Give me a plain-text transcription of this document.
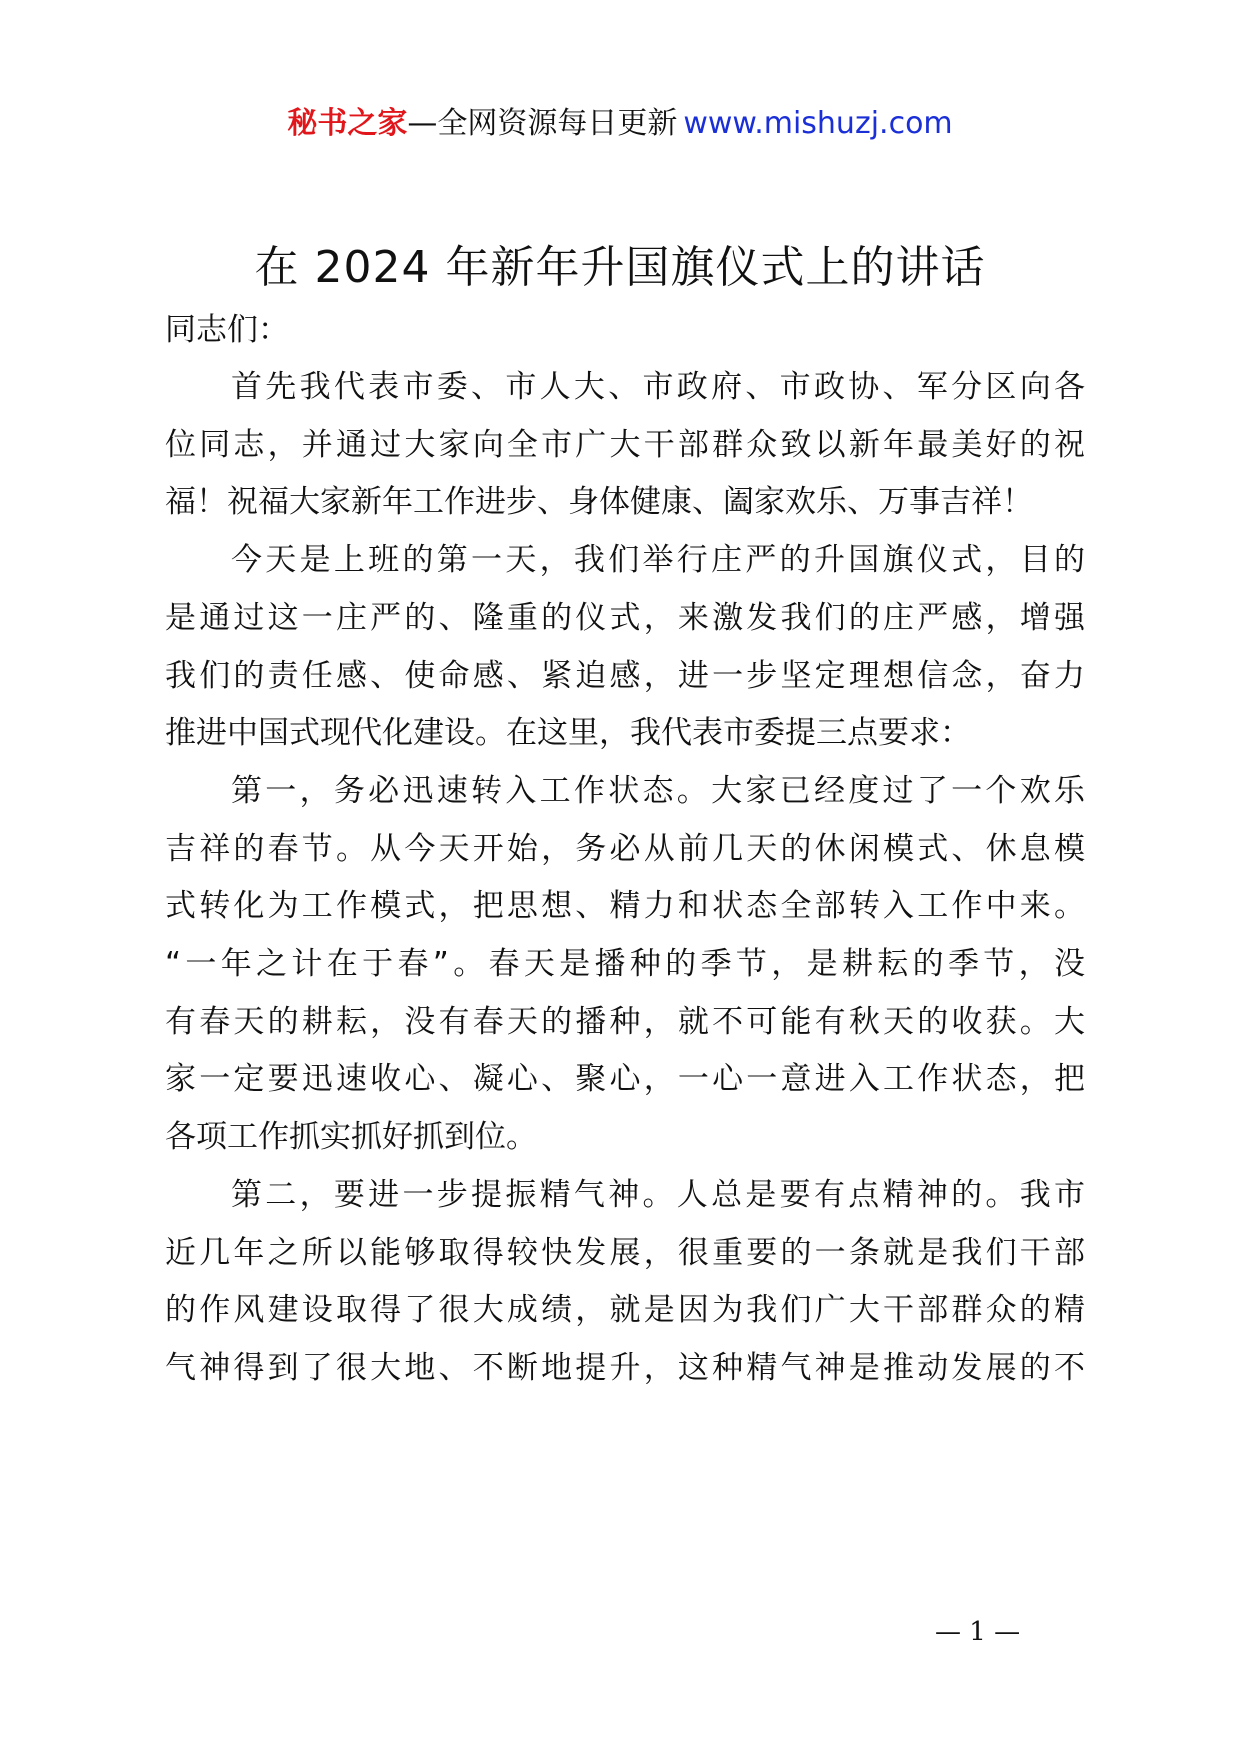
秘书之家—全网资源每日更新 www.mishuzj.com
在 2024 年新年升国旗仪式上的讲话
同志们：
首先我代表市委、市人大、市政府、市政协、军分区向各
位同志，并通过大家向全市广大干部群众致以新年最美好的祝
福！祝福大家新年工作进步、身体健康、阖家欢乐、万事吉祥！
今天是上班的第一天，我们举行庄严的升国旗仪式，目的
是通过这一庄严的、隆重的仪式，来激发我们的庄严感，增强
我们的责任感、使命感、紧迫感，进一步坚定理想信念，奋力
推进中国式现代化建设。在这里，我代表市委提三点要求：
第一，务必迅速转入工作状态。大家已经度过了一个欢乐
吉祥的春节。从今天开始，务必从前几天的休闲模式、休息模
式转化为工作模式，把思想、精力和状态全部转入工作中来。
“一年之计在于春”。春天是播种的季节，是耕耘的季节，没
有春天的耕耘，没有春天的播种，就不可能有秋天的收获。大
家一定要迅速收心、凝心、聚心，一心一意进入工作状态，把
各项工作抓实抓好抓到位。
第二，要进一步提振精气神。人总是要有点精神的。我市
近几年之所以能够取得较快发展，很重要的一条就是我们干部
的作风建设取得了很大成绩，就是因为我们广大干部群众的精
气神得到了很大地、不断地提升，这种精气神是推动发展的不
— 1 —
